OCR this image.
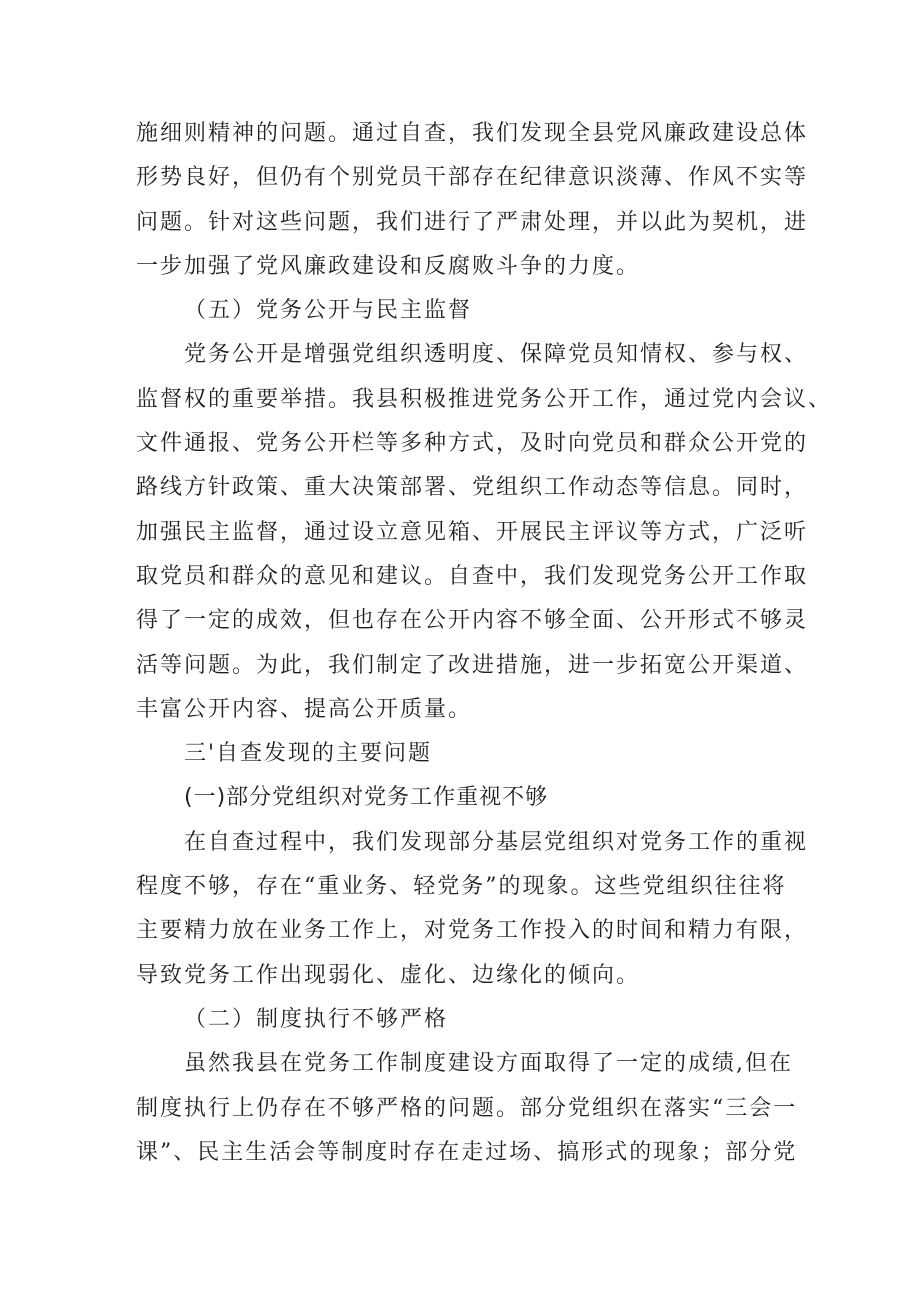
施细则精神的问题。通过自查，我们发现全县党风廉政建设总体
形势良好，但仍有个别党员干部存在纪律意识淡薄、作风不实等
问题。针对这些问题，我们进行了严肃处理，并以此为契机，进
一步加强了党风廉政建设和反腐败斗争的力度。
（五）党务公开与民主监督
党务公开是增强党组织透明度、保障党员知情权、参与权、
监督权的重要举措。我县积极推进党务公开工作，通过党内会议、
文件通报、党务公开栏等多种方式，及时向党员和群众公开党的
路线方针政策、重大决策部署、党组织工作动态等信息。同时，
加强民主监督，通过设立意见箱、开展民主评议等方式，广泛听
取党员和群众的意见和建议。自查中，我们发现党务公开工作取
得了一定的成效，但也存在公开内容不够全面、公开形式不够灵
活等问题。为此，我们制定了改进措施，进一步拓宽公开渠道、
丰富公开内容、提高公开质量。
三'自查发现的主要问题
(一)部分党组织对党务工作重视不够
在自查过程中，我们发现部分基层党组织对党务工作的重视
程度不够，存在“重业务、轻党务”的现象。这些党组织往往将
主要精力放在业务工作上，对党务工作投入的时间和精力有限，
导致党务工作出现弱化、虚化、边缘化的倾向。
（二）制度执行不够严格
虽然我县在党务工作制度建设方面取得了一定的成绩,但在
制度执行上仍存在不够严格的问题。部分党组织在落实“三会一
课”、民主生活会等制度时存在走过场、搞形式的现象；部分党
